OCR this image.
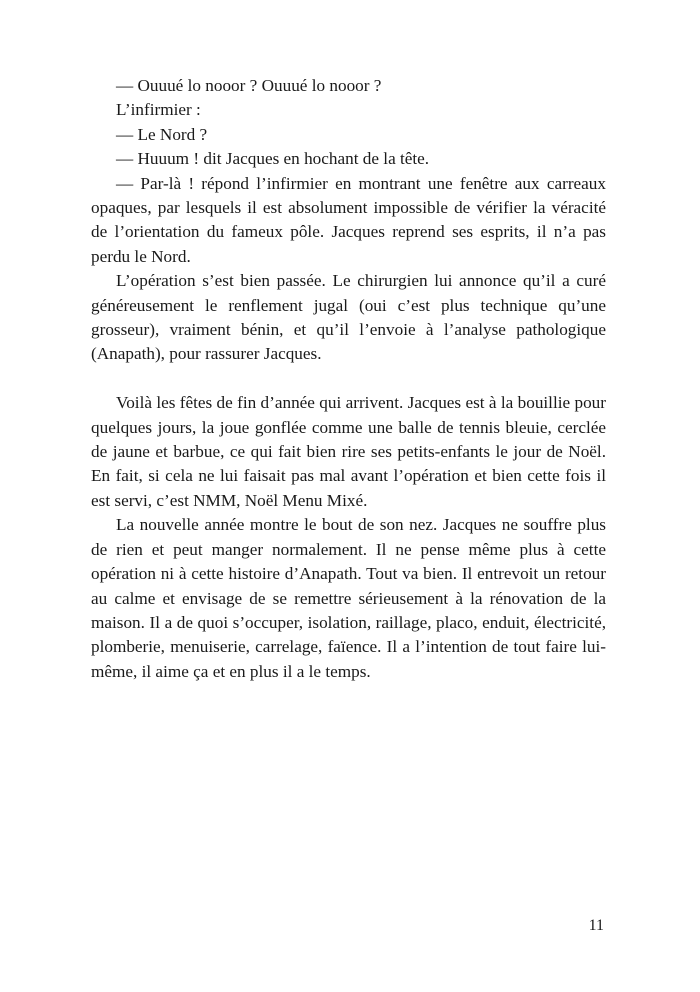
— Ouuué lo nooor ? Ouuué lo nooor ?

L’infirmier :

— Le Nord ?

— Huuum ! dit Jacques en hochant de la tête.

— Par-là ! répond l’infirmier en montrant une fenêtre aux carreaux opaques, par lesquels il est absolument impossible de vérifier la véracité de l’orientation du fameux pôle. Jacques reprend ses esprits, il n’a pas perdu le Nord.

L’opération s’est bien passée. Le chirurgien lui annonce qu’il a curé généreusement le renflement jugal (oui c’est plus technique qu’une grosseur), vraiment bénin, et qu’il l’envoie à l’analyse pathologique (Anapath), pour rassurer Jacques.

Voilà les fêtes de fin d’année qui arrivent. Jacques est à la bouillie pour quelques jours, la joue gonflée comme une balle de tennis bleuie, cerclée de jaune et barbue, ce qui fait bien rire ses petits-enfants le jour de Noël. En fait, si cela ne lui faisait pas mal avant l’opération et bien cette fois il est servi, c’est NMM, Noël Menu Mixé.

La nouvelle année montre le bout de son nez. Jacques ne souffre plus de rien et peut manger normalement. Il ne pense même plus à cette opération ni à cette histoire d’Anapath. Tout va bien. Il entrevoit un retour au calme et envisage de se remettre sérieusement à la rénovation de la maison. Il a de quoi s’occuper, isolation, raillage, placo, enduit, électricité, plomberie, menuiserie, carrelage, faïence. Il a l’intention de tout faire lui-même, il aime ça et en plus il a le temps.

11
